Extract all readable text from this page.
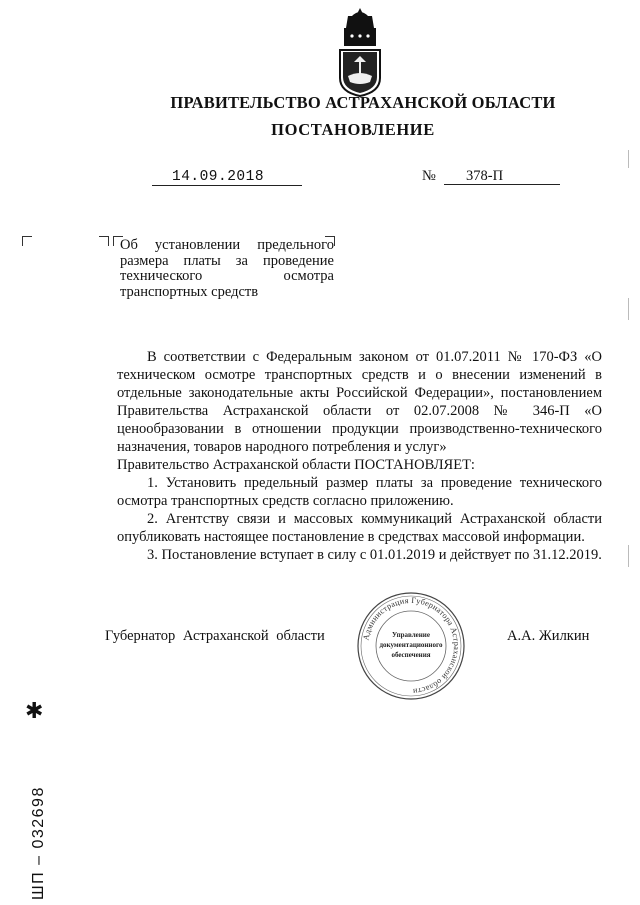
ПРАВИТЕЛЬСТВО АСТРАХАНСКОЙ ОБЛАСТИ
ПОСТАНОВЛЕНИЕ
14.09.2018	№	378-П
Об установлении предельного размера платы за проведение технического осмотра транспортных средств

В соответствии с Федеральным законом от 01.07.2011 № 170-ФЗ «О техническом осмотре транспортных средств и о внесении изменений в отдельные законодательные акты Российской Федерации», постановлением Правительства Астраханской области от 02.07.2008 № 346-П «О ценообразовании в отношении продукции производственно-технического назначения, товаров народного потребления и услуг»

Правительство Астраханской области ПОСТАНОВЛЯЕТ:

1. Установить предельный размер платы за проведение технического осмотра транспортных средств согласно приложению.

2. Агентству связи и массовых коммуникаций Астраханской области опубликовать настоящее постановление в средствах массовой информации.

3. Постановление вступает в силу с 01.01.2019 и действует по 31.12.2019.

Губернатор Астраханской области	Администрация Губернатора Астраханской области
Управление
документационного
обеспечения
А.А. Жилкин
✱
ШП – 032698
